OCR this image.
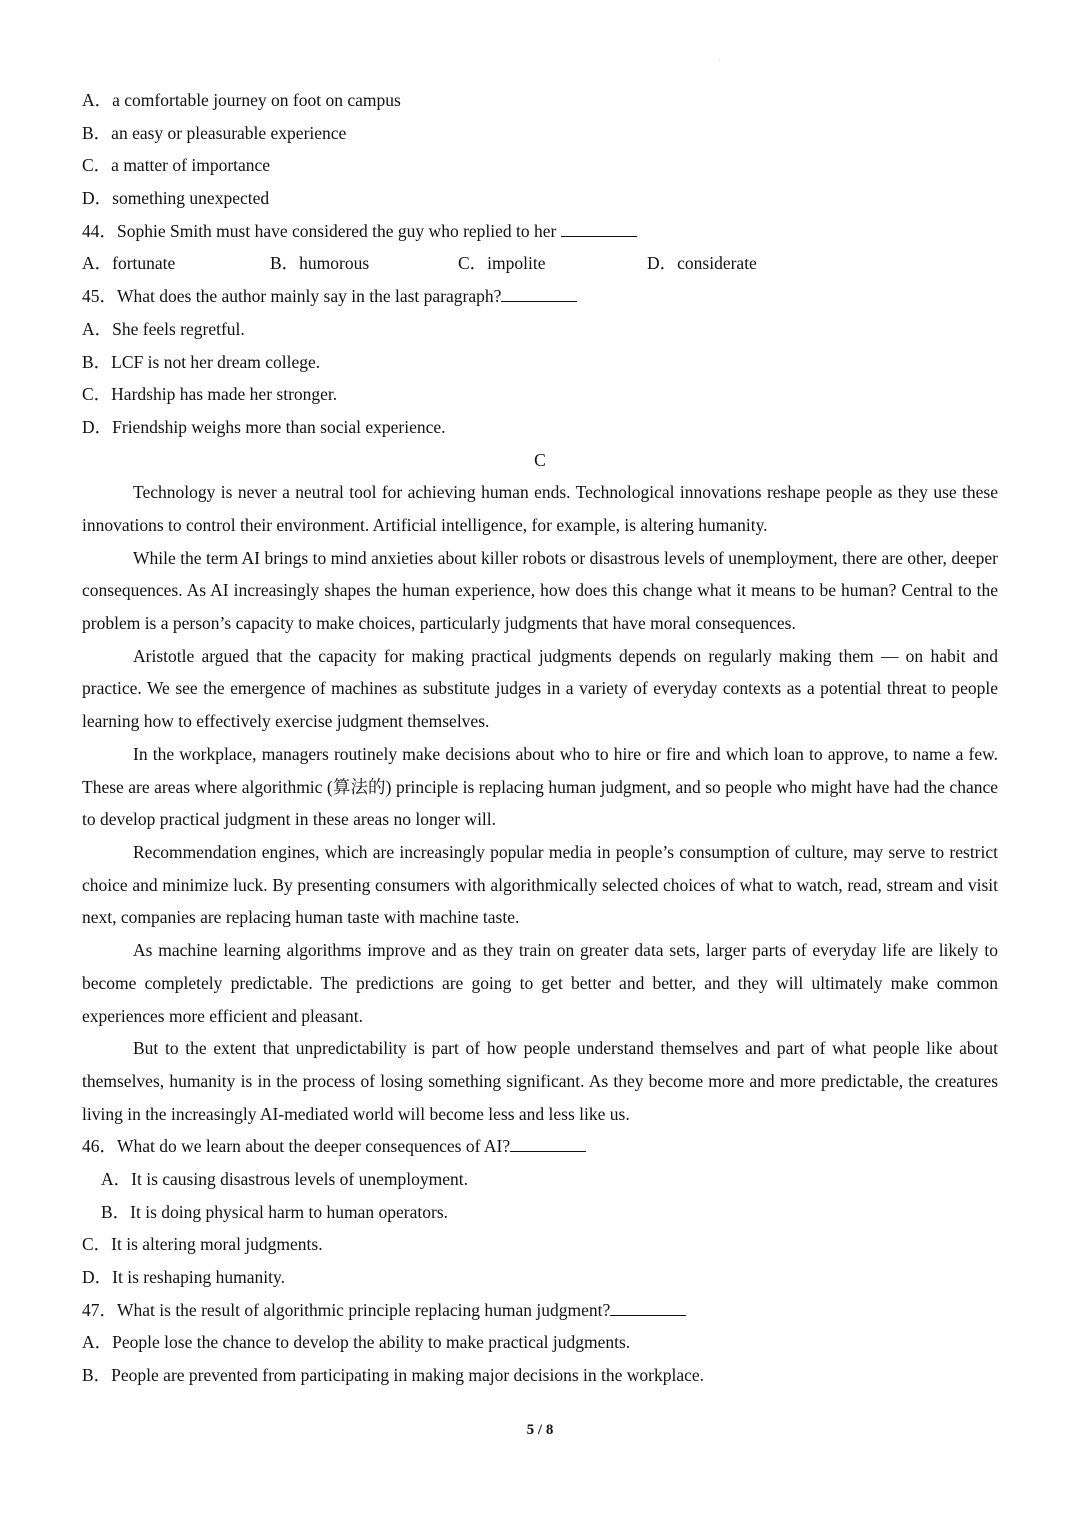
·
A．a comfortable journey on foot on campus
B．an easy or pleasurable experience
C．a matter of importance
D．something unexpected
44．Sophie Smith must have considered the guy who replied to her
A．fortunate	B．humorous	C．impolite	D．considerate
45．What does the author mainly say in the last paragraph?
A．She feels regretful.
B．LCF is not her dream college.
C．Hardship has made her stronger.
D．Friendship weighs more than social experience.
C

Technology is never a neutral tool for achieving human ends. Technological innovations reshape people as they use these innovations to control their environment. Artificial intelligence, for example, is altering humanity.

While the term AI brings to mind anxieties about killer robots or disastrous levels of unemployment, there are other, deeper consequences. As AI increasingly shapes the human experience, how does this change what it means to be human? Central to the problem is a person’s capacity to make choices, particularly judgments that have moral consequences.

Aristotle argued that the capacity for making practical judgments depends on regularly making them — on habit and practice. We see the emergence of machines as substitute judges in a variety of everyday contexts as a potential threat to people learning how to effectively exercise judgment themselves.

In the workplace, managers routinely make decisions about who to hire or fire and which loan to approve, to name a few. These are areas where algorithmic (算法的) principle is replacing human judgment, and so people who might have had the chance to develop practical judgment in these areas no longer will.

Recommendation engines, which are increasingly popular media in people’s consumption of culture, may serve to restrict choice and minimize luck. By presenting consumers with algorithmically selected choices of what to watch, read, stream and visit next, companies are replacing human taste with machine taste.

As machine learning algorithms improve and as they train on greater data sets, larger parts of everyday life are likely to become completely predictable. The predictions are going to get better and better, and they will ultimately make common experiences more efficient and pleasant.

But to the extent that unpredictability is part of how people understand themselves and part of what people like about themselves, humanity is in the process of losing something significant. As they become more and more predictable, the creatures living in the increasingly AI-mediated world will become less and less like us.

46．What do we learn about the deeper consequences of AI?
A．It is causing disastrous levels of unemployment.
B．It is doing physical harm to human operators.
C．It is altering moral judgments.
D．It is reshaping humanity.
47．What is the result of algorithmic principle replacing human judgment?
A．People lose the chance to develop the ability to make practical judgments.
B．People are prevented from participating in making major decisions in the workplace.
5 / 8
